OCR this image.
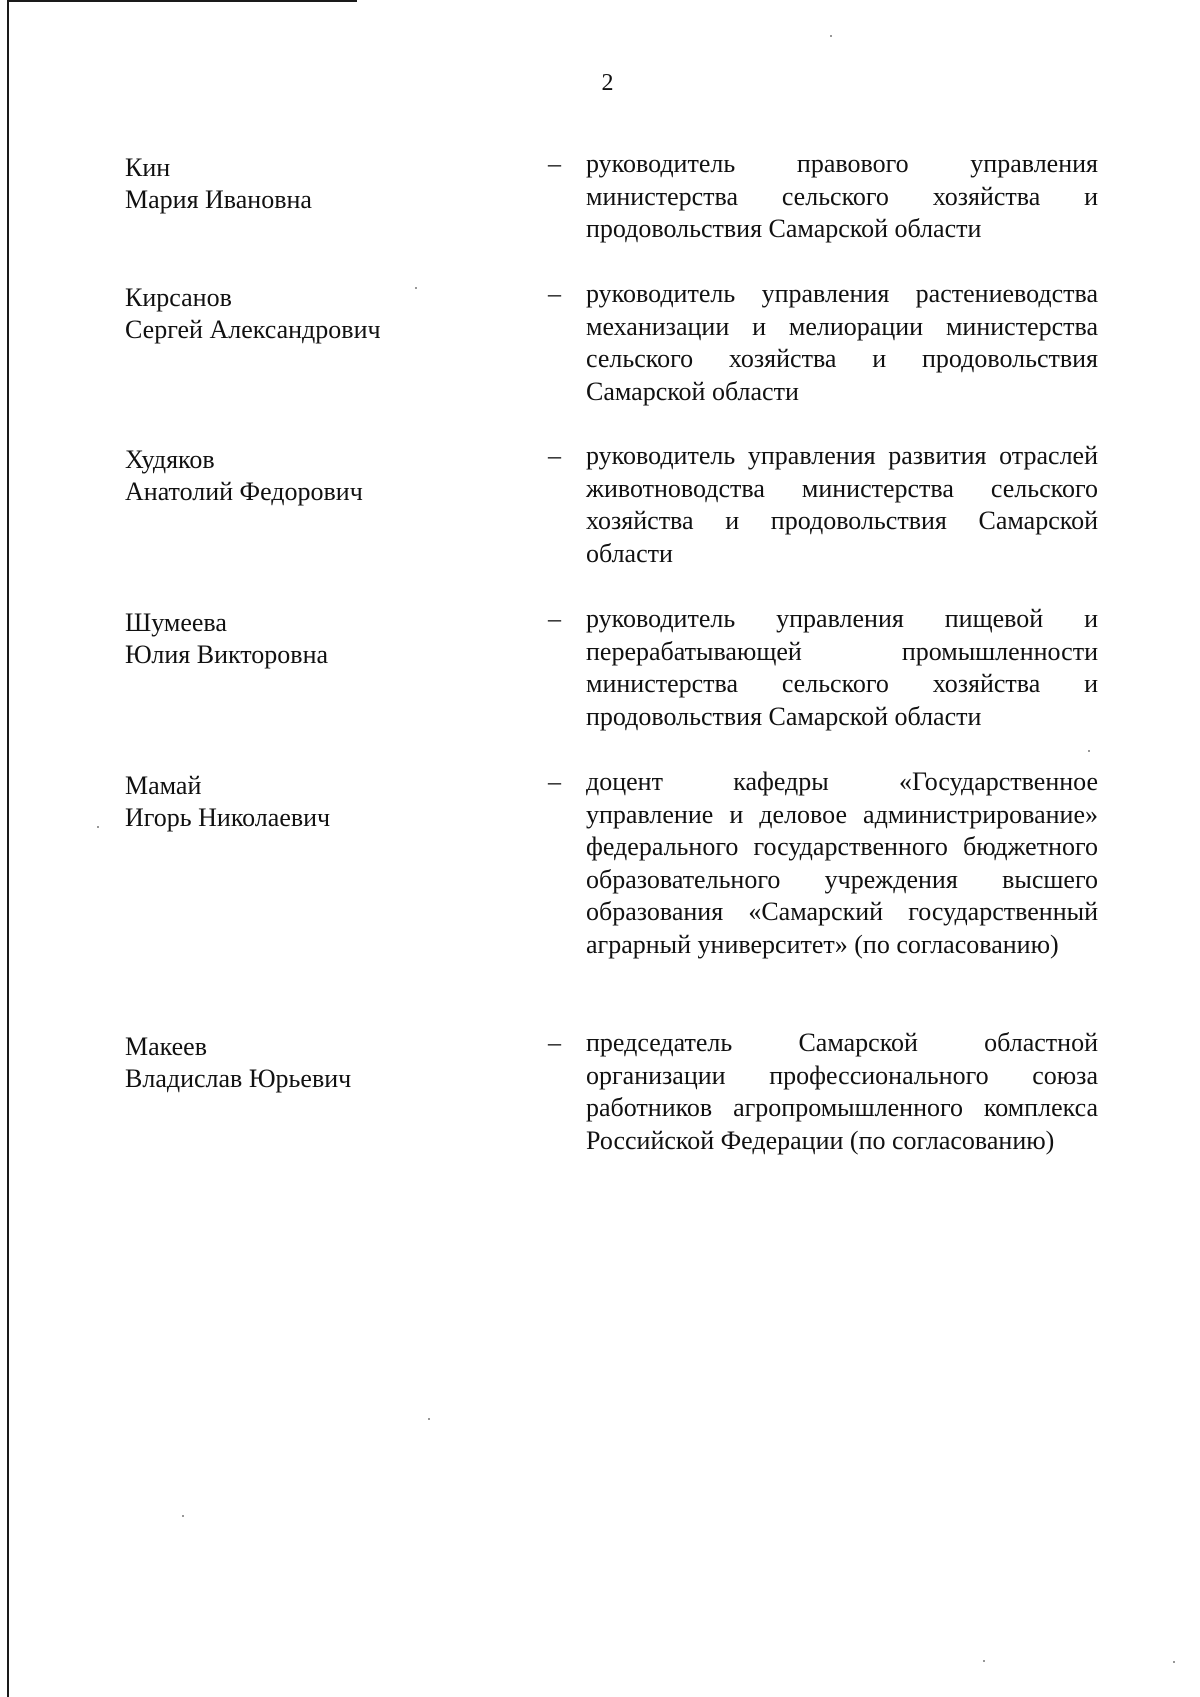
2
Кин
Мария Ивановна
– руководитель правового управления министерства сельского хозяйства и продовольствия Самарской области
Кирсанов
Сергей Александрович
– руководитель управления растениеводства механизации и мелиорации министерства сельского хозяйства и продовольствия Самарской области
Худяков
Анатолий Федорович
– руководитель управления развития отраслей животноводства министерства сельского хозяйства и продовольствия Самарской области
Шумеева
Юлия Викторовна
– руководитель управления пищевой и перерабатывающей промышленности министерства сельского хозяйства и продовольствия Самарской области
Мамай
Игорь Николаевич
– доцент кафедры «Государственное управление и деловое администрирование» федерального государственного бюджетного образовательного учреждения высшего образования «Самарский государственный аграрный университет» (по согласованию)
Макеев
Владислав Юрьевич
– председатель Самарской областной организации профессионального союза работников агропромышленного комплекса Российской Федерации (по согласованию)
